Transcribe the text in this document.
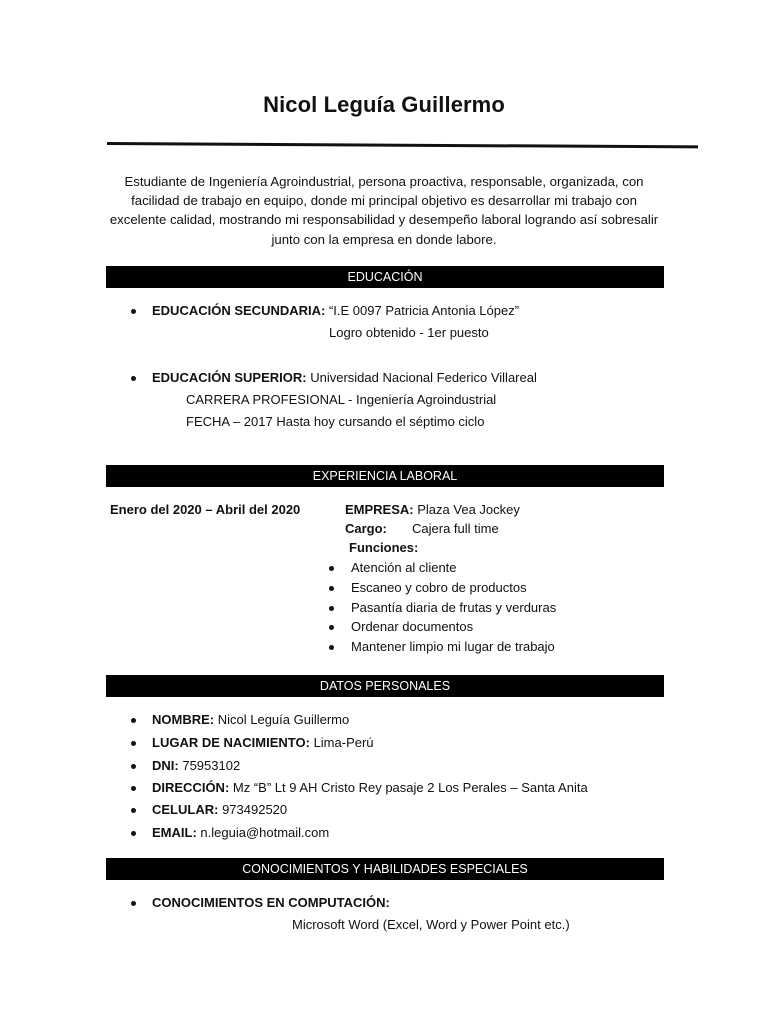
Nicol Leguía Guillermo
Estudiante de Ingeniería Agroindustrial, persona proactiva, responsable, organizada, con facilidad de trabajo en equipo, donde mi principal objetivo es desarrollar mi trabajo con excelente calidad, mostrando mi responsabilidad y desempeño laboral logrando así sobresalir junto con la empresa en donde labore.
EDUCACIÓN
EDUCACIÓN SECUNDARIA: “I.E 0097 Patricia Antonia López”
Logro obtenido - 1er puesto
EDUCACIÓN SUPERIOR: Universidad Nacional Federico Villareal
CARRERA PROFESIONAL - Ingeniería Agroindustrial
FECHA – 2017 Hasta hoy cursando el séptimo ciclo
EXPERIENCIA LABORAL
Enero del 2020 – Abril del 2020	EMPRESA: Plaza Vea Jockey
Cargo: Cajera full time
Funciones:
Atención al cliente
Escaneo y cobro de productos
Pasantía diaria de frutas y verduras
Ordenar documentos
Mantener limpio mi lugar de trabajo
DATOS PERSONALES
NOMBRE: Nicol Leguía Guillermo
LUGAR DE NACIMIENTO: Lima-Perú
DNI: 75953102
DIRECCIÓN: Mz “B” Lt 9 AH Cristo Rey pasaje 2 Los Perales – Santa Anita
CELULAR: 973492520
EMAIL: n.leguia@hotmail.com
CONOCIMIENTOS Y HABILIDADES ESPECIALES
CONOCIMIENTOS EN COMPUTACIÓN:
Microsoft Word (Excel, Word y Power Point etc.)
